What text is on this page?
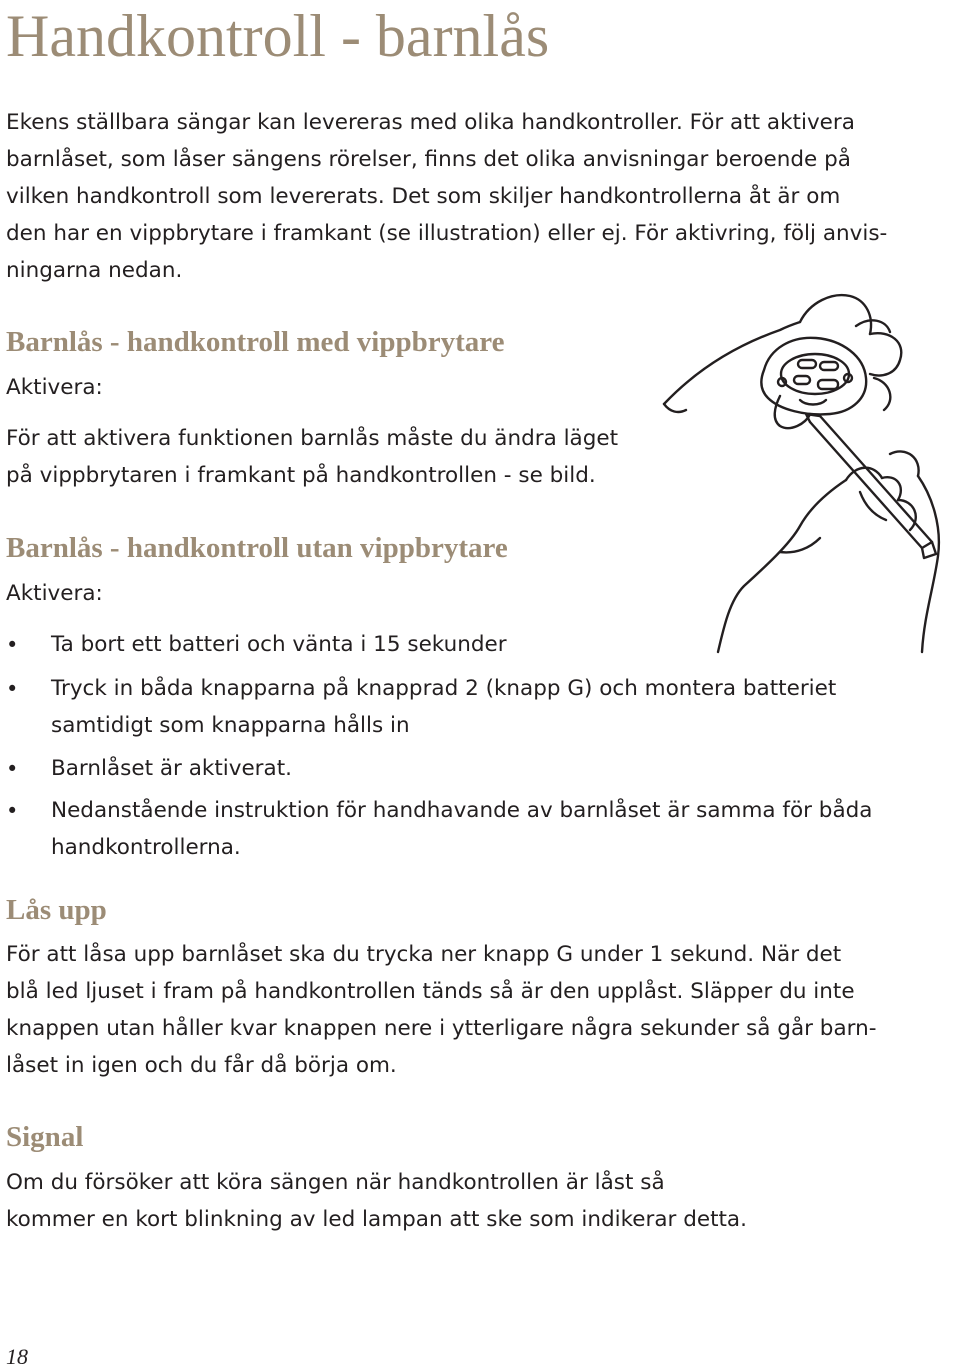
Handkontroll - barnlås

Ekens ställbara sängar kan levereras med olika handkontroller. För att aktivera

barnlåset, som låser sängens rörelser, finns det olika anvisningar beroende på

vilken handkontroll som levererats. Det som skiljer handkontrollerna åt är om

den har en vippbrytare i framkant (se illustration) eller ej. För aktivring, följ anvis-

ningarna nedan.

Barnlås - handkontroll med vippbrytare

Aktivera:

För att aktivera funktionen barnlås måste du ändra läget

på vippbrytaren i framkant på handkontrollen - se bild.

Barnlås - handkontroll utan vippbrytare

Aktivera:

• Ta bort ett batteri och vänta i 15 sekunder

• Tryck in båda knapparna på knapprad 2 (knapp G) och montera batteriet

samtidigt som knapparna hålls in

• Barnlåset är aktiverat.

• Nedanstående instruktion för handhavande av barnlåset är samma för båda

handkontrollerna.

Lås upp

För att låsa upp barnlåset ska du trycka ner knapp G under 1 sekund. När det

blå led ljuset i fram på handkontrollen tänds så är den upplåst. Släpper du inte

knappen utan håller kvar knappen nere i ytterligare några sekunder så går barn-

låset in igen och du får då börja om.

Signal

Om du försöker att köra sängen när handkontrollen är låst så

kommer en kort blinkning av led lampan att ske som indikerar detta.

18
